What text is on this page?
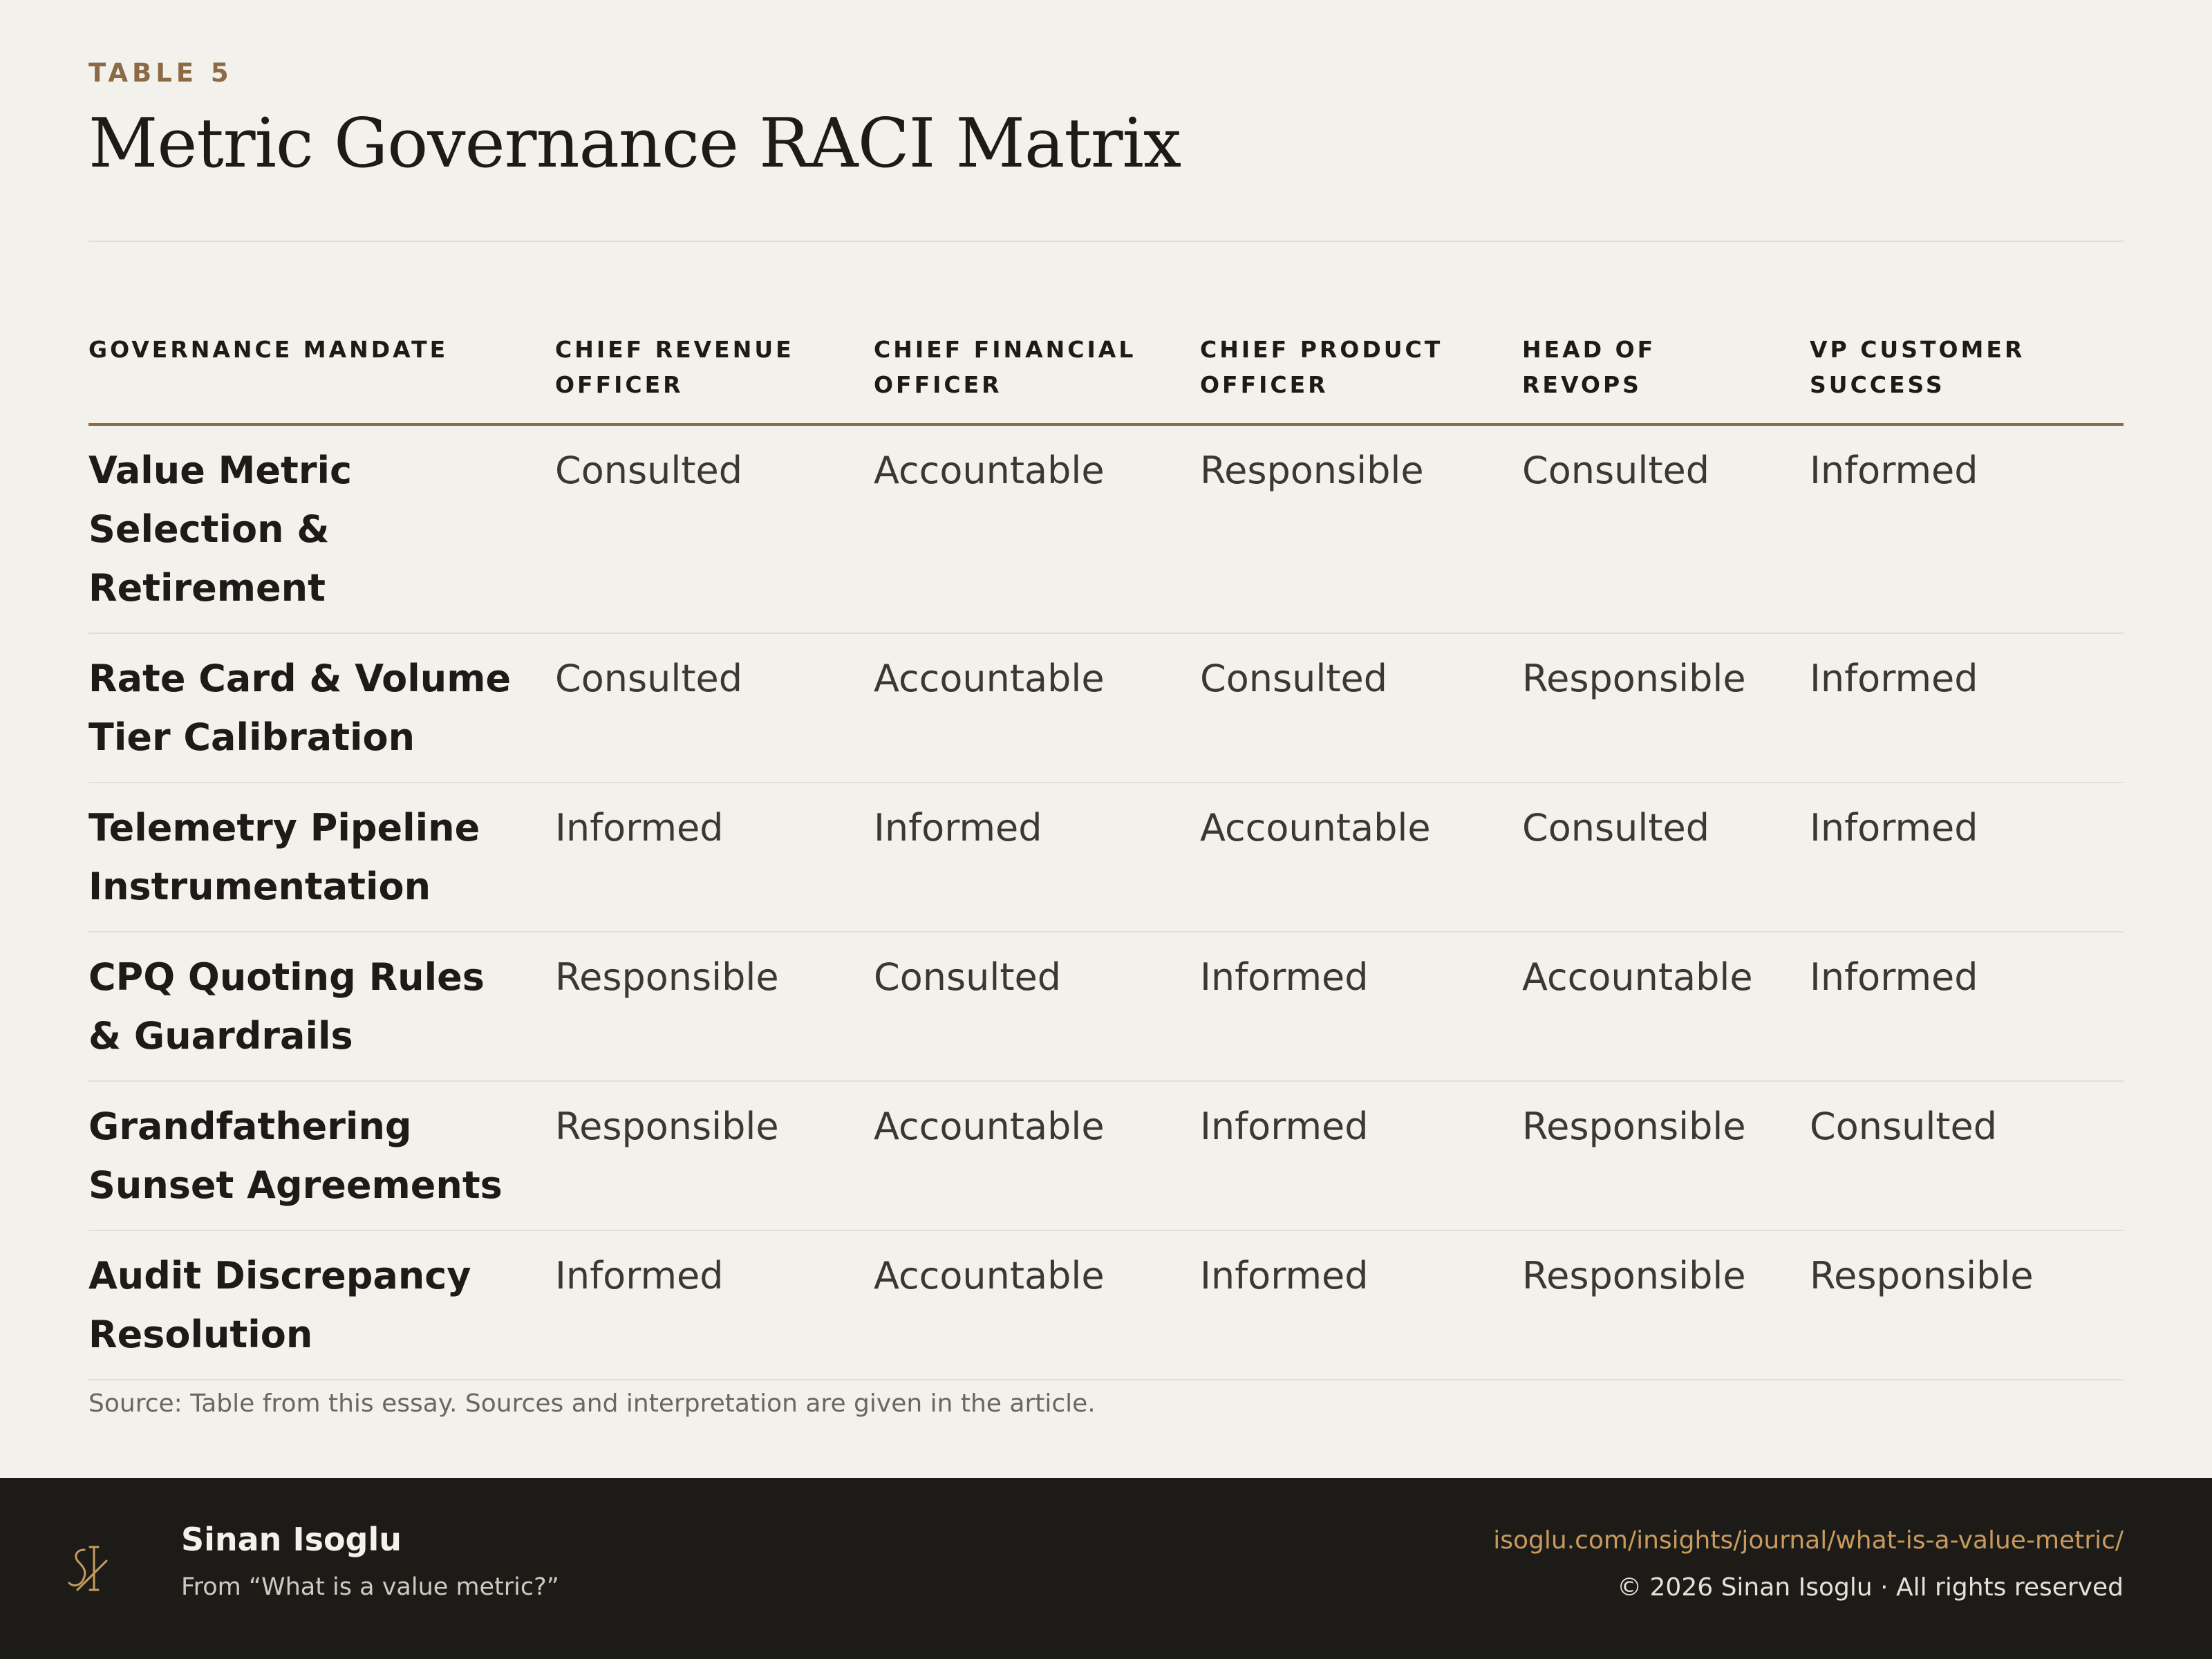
TABLE 5
Metric Governance RACI Matrix
GOVERNANCE MANDATE	CHIEF REVENUE OFFICER	CHIEF FINANCIAL OFFICER	CHIEF PRODUCT OFFICER	HEAD OF REVOPS	VP CUSTOMER SUCCESS
Value Metric Selection & Retirement	Consulted	Accountable	Responsible	Consulted	Informed
Rate Card & Volume Tier Calibration	Consulted	Accountable	Consulted	Responsible	Informed
Telemetry Pipeline Instrumentation	Informed	Informed	Accountable	Consulted	Informed
CPQ Quoting Rules & Guardrails	Responsible	Consulted	Informed	Accountable	Informed
Grandfathering Sunset Agreements	Responsible	Accountable	Informed	Responsible	Consulted
Audit Discrepancy Resolution	Informed	Accountable	Informed	Responsible	Responsible
Source: Table from this essay. Sources and interpretation are given in the article.
Sinan Isoglu
From “What is a value metric?”
isoglu.com/insights/journal/what-is-a-value-metric/
© 2026 Sinan Isoglu · All rights reserved
